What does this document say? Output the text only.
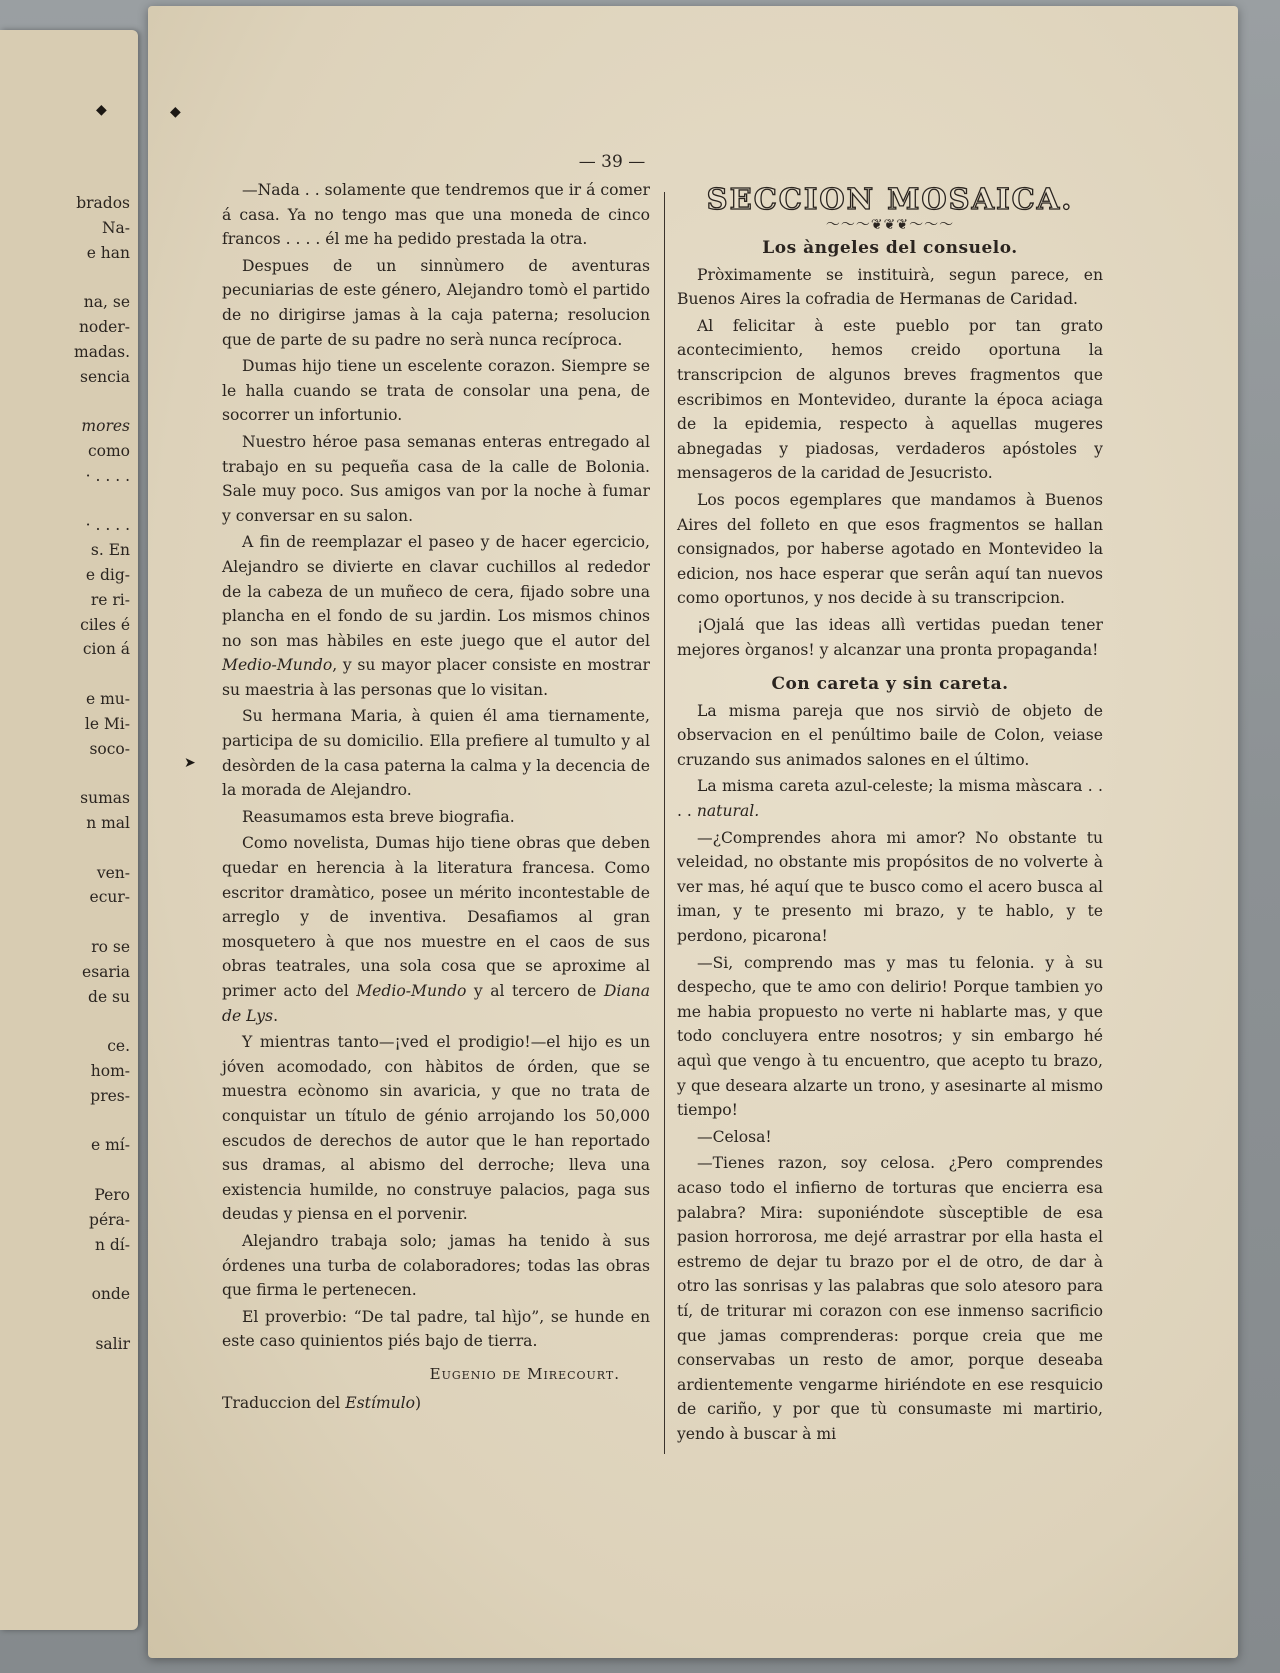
brados
Na-
e han
na, se
noder-
madas.
sencia
mores
como
· . . . .
· . . . .
s. En
e dig-
re ri-
ciles é
cion á
e mu-
le Mi-
soco-
sumas
n mal
ven-
ecur-
ro se
esaria
de su
ce.
hom-
pres-
e mí-
Pero
péra-
n dí-
onde
salir
— 39 —

—Nada . . solamente que tendremos que ir á comer á casa. Ya no tengo mas que una moneda de cinco francos . . . . él me ha pedido prestada la otra.

Despues de un sinnùmero de aventuras pecuniarias de este género, Alejandro tomò el partido de no dirigirse jamas à la caja paterna; resolucion que de parte de su padre no serà nunca recíproca.

Dumas hijo tiene un escelente corazon. Siempre se le halla cuando se trata de consolar una pena, de socorrer un infortunio.

Nuestro héroe pasa semanas enteras entregado al trabajo en su pequeña casa de la calle de Bolonia. Sale muy poco. Sus amigos van por la noche à fumar y conversar en su salon.

A fin de reemplazar el paseo y de hacer egercicio, Alejandro se divierte en clavar cuchillos al rededor de la cabeza de un muñeco de cera, fijado sobre una plancha en el fondo de su jardin. Los mismos chinos no son mas hàbiles en este juego que el autor del Medio-Mundo, y su mayor placer consiste en mostrar su maestria à las personas que lo visitan.

Su hermana Maria, à quien él ama tiernamente, participa de su domicilio. Ella prefiere al tumulto y al desòrden de la casa paterna la calma y la decencia de la morada de Alejandro.

Reasumamos esta breve biografia.

Como novelista, Dumas hijo tiene obras que deben quedar en herencia à la literatura francesa. Como escritor dramàtico, posee un mérito incontestable de arreglo y de inventiva. Desafiamos al gran mosquetero à que nos muestre en el caos de sus obras teatrales, una sola cosa que se aproxime al primer acto del Medio-Mundo y al tercero de Diana de Lys.

Y mientras tanto—¡ved el prodigio!—el hijo es un jóven acomodado, con hàbitos de órden, que se muestra ecònomo sin avaricia, y que no trata de conquistar un título de génio arrojando los 50,000 escudos de derechos de autor que le han reportado sus dramas, al abismo del derroche; lleva una existencia humilde, no construye palacios, paga sus deudas y piensa en el porvenir.

Alejandro trabaja solo; jamas ha tenido à sus órdenes una turba de colaboradores; todas las obras que firma le pertenecen.

El proverbio: “De tal padre, tal hìjo”, se hunde en este caso quinientos piés bajo de tierra.

Eugenio de Mirecourt.
Traduccion del Estímulo)
SECCION MOSAICA.
〜〜〜❦❦❦〜〜〜
Los àngeles del consuelo.

Pròximamente se instituirà, segun parece, en Buenos Aires la cofradia de Hermanas de Caridad.

Al felicitar à este pueblo por tan grato acontecimiento, hemos creido oportuna la transcripcion de algunos breves fragmentos que escribimos en Montevideo, durante la época aciaga de la epidemia, respecto à aquellas mugeres abnegadas y piadosas, verdaderos apóstoles y mensageros de la caridad de Jesucristo.

Los pocos egemplares que mandamos à Buenos Aires del folleto en que esos fragmentos se hallan consignados, por haberse agotado en Montevideo la edicion, nos hace esperar que serân aquí tan nuevos como oportunos, y nos decide à su transcripcion.

¡Ojalá que las ideas allì vertidas puedan tener mejores òrganos! y alcanzar una pronta propaganda!

Con careta y sin careta.

La misma pareja que nos sirviò de objeto de observacion en el penúltimo baile de Colon, veiase cruzando sus animados salones en el último.

La misma careta azul-celeste; la misma màscara . . . . natural.

—¿Comprendes ahora mi amor? No obstante tu veleidad, no obstante mis propósitos de no volverte à ver mas, hé aquí que te busco como el acero busca al iman, y te presento mi brazo, y te hablo, y te perdono, picarona!

—Si, comprendo mas y mas tu felonia. y à su despecho, que te amo con delirio! Porque tambien yo me habia propuesto no verte ni hablarte mas, y que todo concluyera entre nosotros; y sin embargo hé aquì que vengo à tu encuentro, que acepto tu brazo, y que deseara alzarte un trono, y asesinarte al mismo tiempo!

—Celosa!

—Tienes razon, soy celosa. ¿Pero comprendes acaso todo el infierno de torturas que encierra esa palabra? Mira: suponiéndote sùsceptible de esa pasion horrorosa, me dejé arrastrar por ella hasta el estremo de dejar tu brazo por el de otro, de dar à otro las sonrisas y las palabras que solo atesoro para tí, de triturar mi corazon con ese inmenso sacrificio que jamas comprenderas: porque creia que me conservabas un resto de amor, porque deseaba ardientemente vengarme hiriéndote en ese resquicio de cariño, y por que tù consumaste mi martirio, yendo à buscar à mi

◆	◆
➤
